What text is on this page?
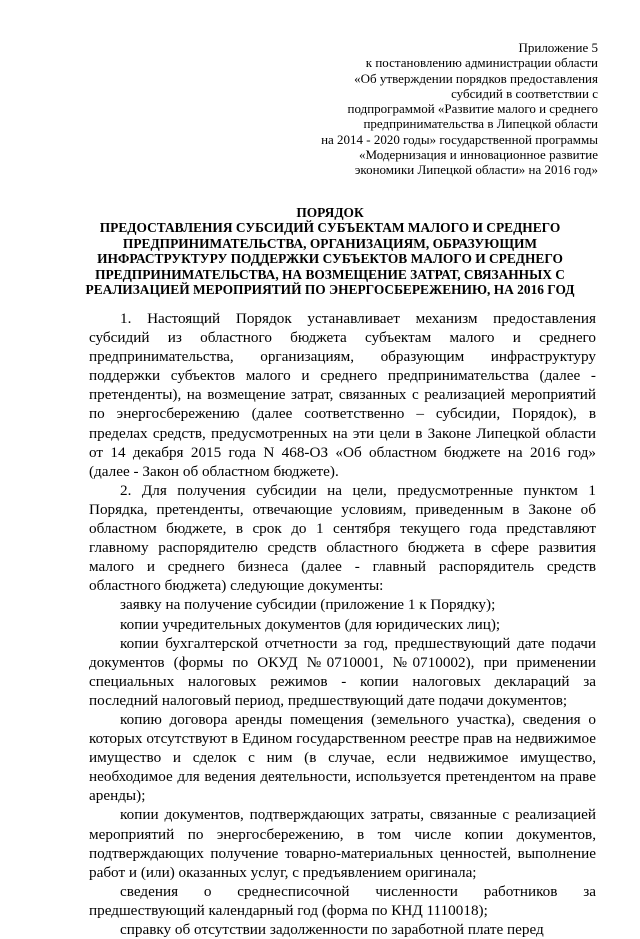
Приложение 5
к постановлению администрации области
«Об утверждении порядков предоставления
субсидий в соответствии с
подпрограммой «Развитие малого и среднего
предпринимательства в Липецкой области
на 2014 - 2020 годы» государственной программы
«Модернизация и инновационное развитие
экономики Липецкой области» на 2016 год»
ПОРЯДОК
ПРЕДОСТАВЛЕНИЯ СУБСИДИЙ СУБЪЕКТАМ МАЛОГО И СРЕДНЕГО
ПРЕДПРИНИМАТЕЛЬСТВА, ОРГАНИЗАЦИЯМ, ОБРАЗУЮЩИМ
ИНФРАСТРУКТУРУ ПОДДЕРЖКИ СУБЪЕКТОВ МАЛОГО И СРЕДНЕГО
ПРЕДПРИНИМАТЕЛЬСТВА, НА ВОЗМЕЩЕНИЕ ЗАТРАТ, СВЯЗАННЫХ С
РЕАЛИЗАЦИЕЙ МЕРОПРИЯТИЙ ПО ЭНЕРГОСБЕРЕЖЕНИЮ, НА 2016 ГОД

1. Настоящий Порядок устанавливает механизм предоставления субсидий из областного бюджета субъектам малого и среднего предпринимательства, организациям, образующим инфраструктуру поддержки субъектов малого и среднего предпринимательства (далее - претенденты), на возмещение затрат, связанных с реализацией мероприятий по энергосбережению (далее соответственно – субсидии, Порядок), в пределах средств, предусмотренных на эти цели в Законе Липецкой области от 14 декабря 2015 года N 468-ОЗ «Об областном бюджете на 2016 год» (далее - Закон об областном бюджете).

2. Для получения субсидии на цели, предусмотренные пунктом 1 Порядка, претенденты, отвечающие условиям, приведенным в Законе об областном бюджете, в срок до 1 сентября текущего года представляют главному распорядителю средств областного бюджета в сфере развития малого и среднего бизнеса (далее - главный распорядитель средств областного бюджета) следующие документы:

заявку на получение субсидии (приложение 1 к Порядку);

копии учредительных документов (для юридических лиц);

копии бухгалтерской отчетности за год, предшествующий дате подачи документов (формы по ОКУД №0710001, №0710002), при применении специальных налоговых режимов - копии налоговых деклараций за последний налоговый период, предшествующий дате подачи документов;

копию договора аренды помещения (земельного участка), сведения о которых отсутствуют в Едином государственном реестре прав на недвижимое имущество и сделок с ним (в случае, если недвижимое имущество, необходимое для ведения деятельности, используется претендентом на праве аренды);

копии документов, подтверждающих затраты, связанные с реализацией мероприятий по энергосбережению, в том числе копии документов, подтверждающих получение товарно-материальных ценностей, выполнение работ и (или) оказанных услуг, с предъявлением оригинала;

сведения о среднесписочной численности работников за предшествующий календарный год (форма по КНД 1110018);

справку об отсутствии задолженности по заработной плате перед
